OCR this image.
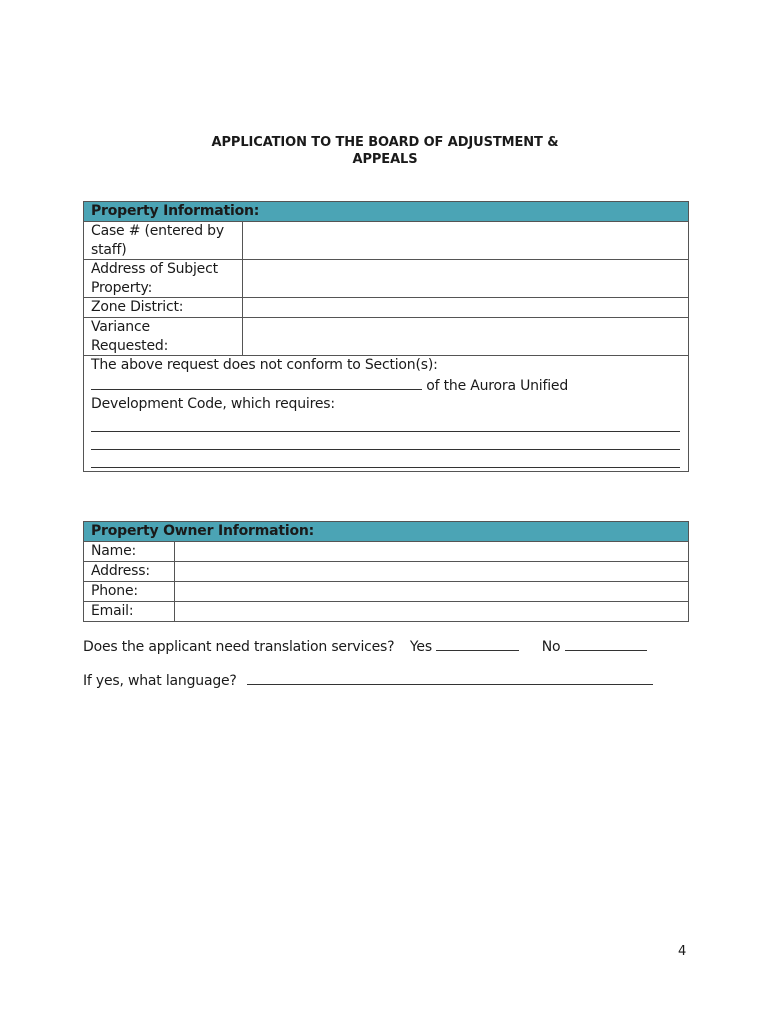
APPLICATION TO THE BOARD OF ADJUSTMENT &
APPEALS
Property Information:	

Case # (entered by
staff)	

Address of Subject
Property:	

Zone District:	

Variance
Requested:	

The above request does not conform to Section(s):
of the Aurora Unified
Development Code, which requires:	
Property Owner Information:	
Name:	
Address:	
Phone:	
Email:	
Does the applicant need translation services? Yes	No
If yes, what language?
4
